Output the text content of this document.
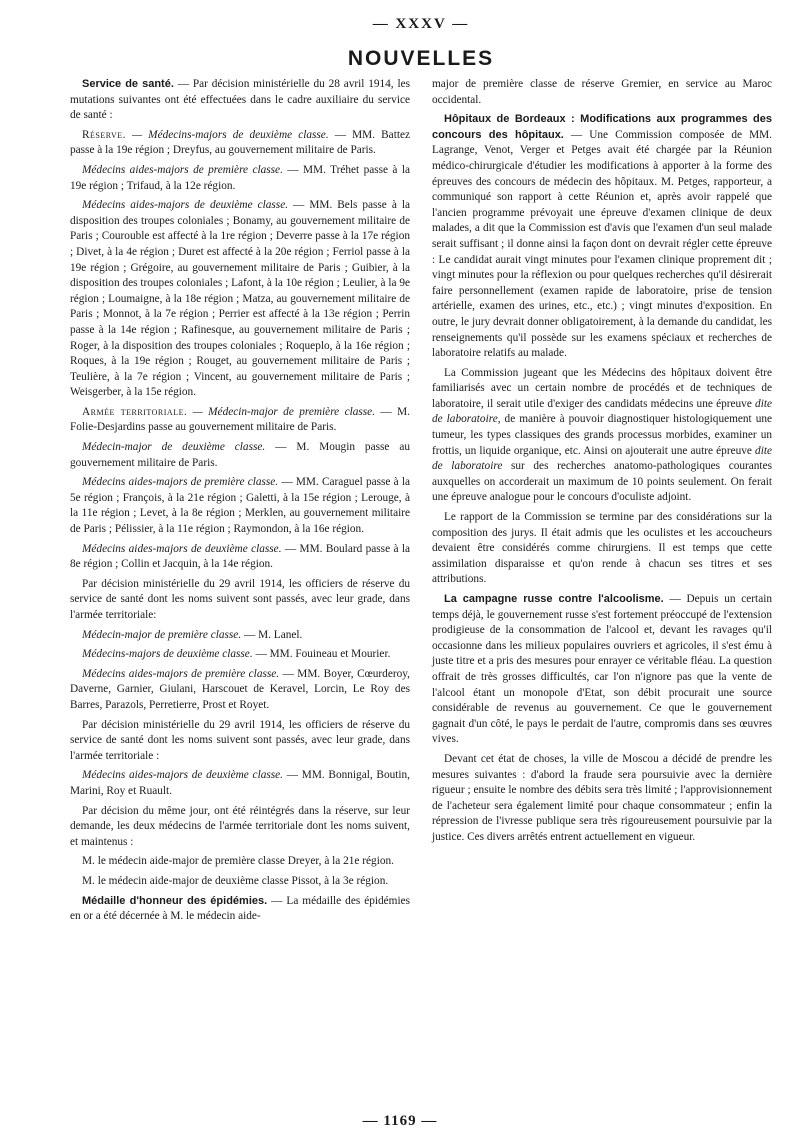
— XXXV —
NOUVELLES

Service de santé. — Par décision ministérielle du 28 avril 1914, les mutations suivantes ont été effectuées dans le cadre auxiliaire du service de santé :

Réserve. — Médecins-majors de deuxième classe. — MM. Battez passe à la 19e région ; Dreyfus, au gouvernement militaire de Paris.

Médecins aides-majors de première classe. — MM. Tréhet passe à la 19e région ; Trifaud, à la 12e région.

Médecins aides-majors de deuxième classe. — MM. Bels passe à la disposition des troupes coloniales ; Bonamy, au gouvernement militaire de Paris ; Courouble est affecté à la 1re région ; Deverre passe à la 17e région ; Divet, à la 4e région ; Duret est affecté à la 20e région ; Ferriol passe à la 19e région ; Grégoire, au gouvernement militaire de Paris ; Guibier, à la disposition des troupes coloniales ; Lafont, à la 10e région ; Leulier, à la 9e région ; Loumaigne, à la 18e région ; Matza, au gouvernement militaire de Paris ; Monnot, à la 7e région ; Perrier est affecté à la 13e région ; Perrin passe à la 14e région ; Rafinesque, au gouvernement militaire de Paris ; Roger, à la disposition des troupes coloniales ; Roqueplo, à la 16e région ; Roques, à la 19e région ; Rouget, au gouvernement militaire de Paris ; Teulière, à la 7e région ; Vincent, au gouvernement militaire de Paris ; Weisgerber, à la 15e région.

Armée territoriale. — Médecin-major de première classe. — M. Folie-Desjardins passe au gouvernement militaire de Paris.

Médecin-major de deuxième classe. — M. Mougin passe au gouvernement militaire de Paris.

Médecins aides-majors de première classe. — MM. Caraguel passe à la 5e région ; François, à la 21e région ; Galetti, à la 15e région ; Lerouge, à la 11e région ; Levet, à la 8e région ; Merklen, au gouvernement militaire de Paris ; Pélissier, à la 11e région ; Raymondon, à la 16e région.

Médecins aides-majors de deuxième classe. — MM. Boulard passe à la 8e région ; Collin et Jacquin, à la 14e région.

Par décision ministérielle du 29 avril 1914, les officiers de réserve du service de santé dont les noms suivent sont passés, avec leur grade, dans l'armée territoriale:

Médecin-major de première classe. — M. Lanel.

Médecins-majors de deuxième classe. — MM. Fouineau et Mourier.

Médecins aides-majors de première classe. — MM. Boyer, Cœurderoy, Daverne, Garnier, Giulani, Harscouet de Keravel, Lorcin, Le Roy des Barres, Parazols, Perretierre, Prost et Royet.

Par décision ministérielle du 29 avril 1914, les officiers de réserve du service de santé dont les noms suivent sont passés, avec leur grade, dans l'armée territoriale :

Médecins aides-majors de deuxième classe. — MM. Bonnigal, Boutin, Marini, Roy et Ruault.

Par décision du même jour, ont été réintégrés dans la réserve, sur leur demande, les deux médecins de l'armée territoriale dont les noms suivent, et maintenus :

M. le médecin aide-major de première classe Dreyer, à la 21e région.

M. le médecin aide-major de deuxième classe Pissot, à la 3e région.

Médaille d'honneur des épidémies. — La médaille des épidémies en or a été décernée à M. le médecin aide-

major de première classe de réserve Gremier, en service au Maroc occidental.

Hôpitaux de Bordeaux : Modifications aux programmes des concours des hôpitaux. — Une Commission composée de MM. Lagrange, Venot, Verger et Petges avait été chargée par la Réunion médico-chirurgicale d'étudier les modifications à apporter à la forme des épreuves des concours de médecin des hôpitaux. M. Petges, rapporteur, a communiqué son rapport à cette Réunion et, après avoir rappelé que l'ancien programme prévoyait une épreuve d'examen clinique de deux malades, a dit que la Commission est d'avis que l'examen d'un seul malade serait suffisant ; il donne ainsi la façon dont on devrait régler cette épreuve : Le candidat aurait vingt minutes pour l'examen clinique proprement dit ; vingt minutes pour la réflexion ou pour quelques recherches qu'il désirerait faire personnellement (examen rapide de laboratoire, prise de tension artérielle, examen des urines, etc., etc.) ; vingt minutes d'exposition. En outre, le jury devrait donner obligatoirement, à la demande du candidat, les renseignements qu'il possède sur les examens spéciaux et recherches de laboratoire relatifs au malade.

La Commission jugeant que les Médecins des hôpitaux doivent être familiarisés avec un certain nombre de procédés et de techniques de laboratoire, il serait utile d'exiger des candidats médecins une épreuve dite de laboratoire, de manière à pouvoir diagnostiquer histologiquement une tumeur, les types classiques des grands processus morbides, examiner un frottis, un liquide organique, etc. Ainsi on ajouterait une autre épreuve dite de laboratoire sur des recherches anatomo-pathologiques courantes auxquelles on accorderait un maximum de 10 points seulement. On ferait une épreuve analogue pour le concours d'oculiste adjoint.

Le rapport de la Commission se termine par des considérations sur la composition des jurys. Il était admis que les oculistes et les accoucheurs devaient être considérés comme chirurgiens. Il est temps que cette assimilation disparaisse et qu'on rende à chacun ses titres et ses attributions.

La campagne russe contre l'alcoolisme. — Depuis un certain temps déjà, le gouvernement russe s'est fortement préoccupé de l'extension prodigieuse de la consommation de l'alcool et, devant les ravages qu'il occasionne dans les milieux populaires ouvriers et agricoles, il s'est ému à juste titre et a pris des mesures pour enrayer ce véritable fléau. La question offrait de très grosses difficultés, car l'on n'ignore pas que la vente de l'alcool étant un monopole d'Etat, son débit procurait une source considérable de revenus au gouvernement. Ce que le gouvernement gagnait d'un côté, le pays le perdait de l'autre, compromis dans ses œuvres vives.

Devant cet état de choses, la ville de Moscou a décidé de prendre les mesures suivantes : d'abord la fraude sera poursuivie avec la dernière rigueur ; ensuite le nombre des débits sera très limité ; l'approvisionnement de l'acheteur sera également limité pour chaque consommateur ; enfin la répression de l'ivresse publique sera très rigoureusement poursuivie par la justice. Ces divers arrêtés entrent actuellement en vigueur.

— 1169 —
